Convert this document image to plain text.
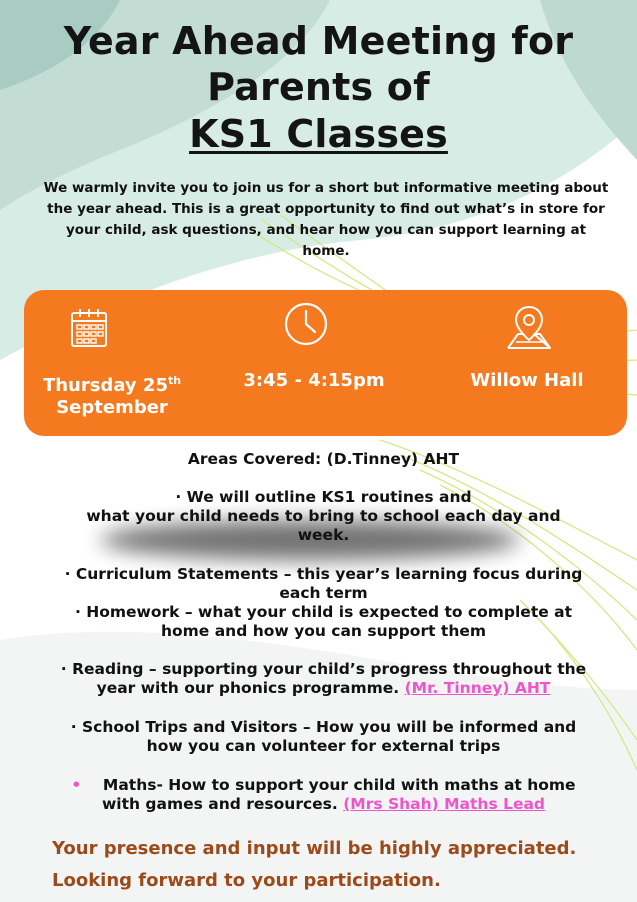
Year Ahead Meeting for
Parents of
KS1 Classes
We warmly invite you to join us for a short but informative meeting about
the year ahead. This is a great opportunity to find out what’s in store for
your child, ask questions, and hear how you can support learning at
home.
Thursday 25th
September
3:45 - 4:15pm	Willow Hall
Areas Covered: (D.Tinney) AHT
· We will outline KS1 routines and
what your child needs to bring to school each day and
week.
· Curriculum Statements – this year’s learning focus during
each term
· Homework – what your child is expected to complete at
home and how you can support them
· Reading – supporting your child’s progress throughout the
year with our phonics programme. (Mr. Tinney) AHT
· School Trips and Visitors – How you will be informed and
how you can volunteer for external trips
• Maths- How to support your child with maths at home
with games and resources. (Mrs Shah) Maths Lead
Your presence and input will be highly appreciated.
Looking forward to your participation.
